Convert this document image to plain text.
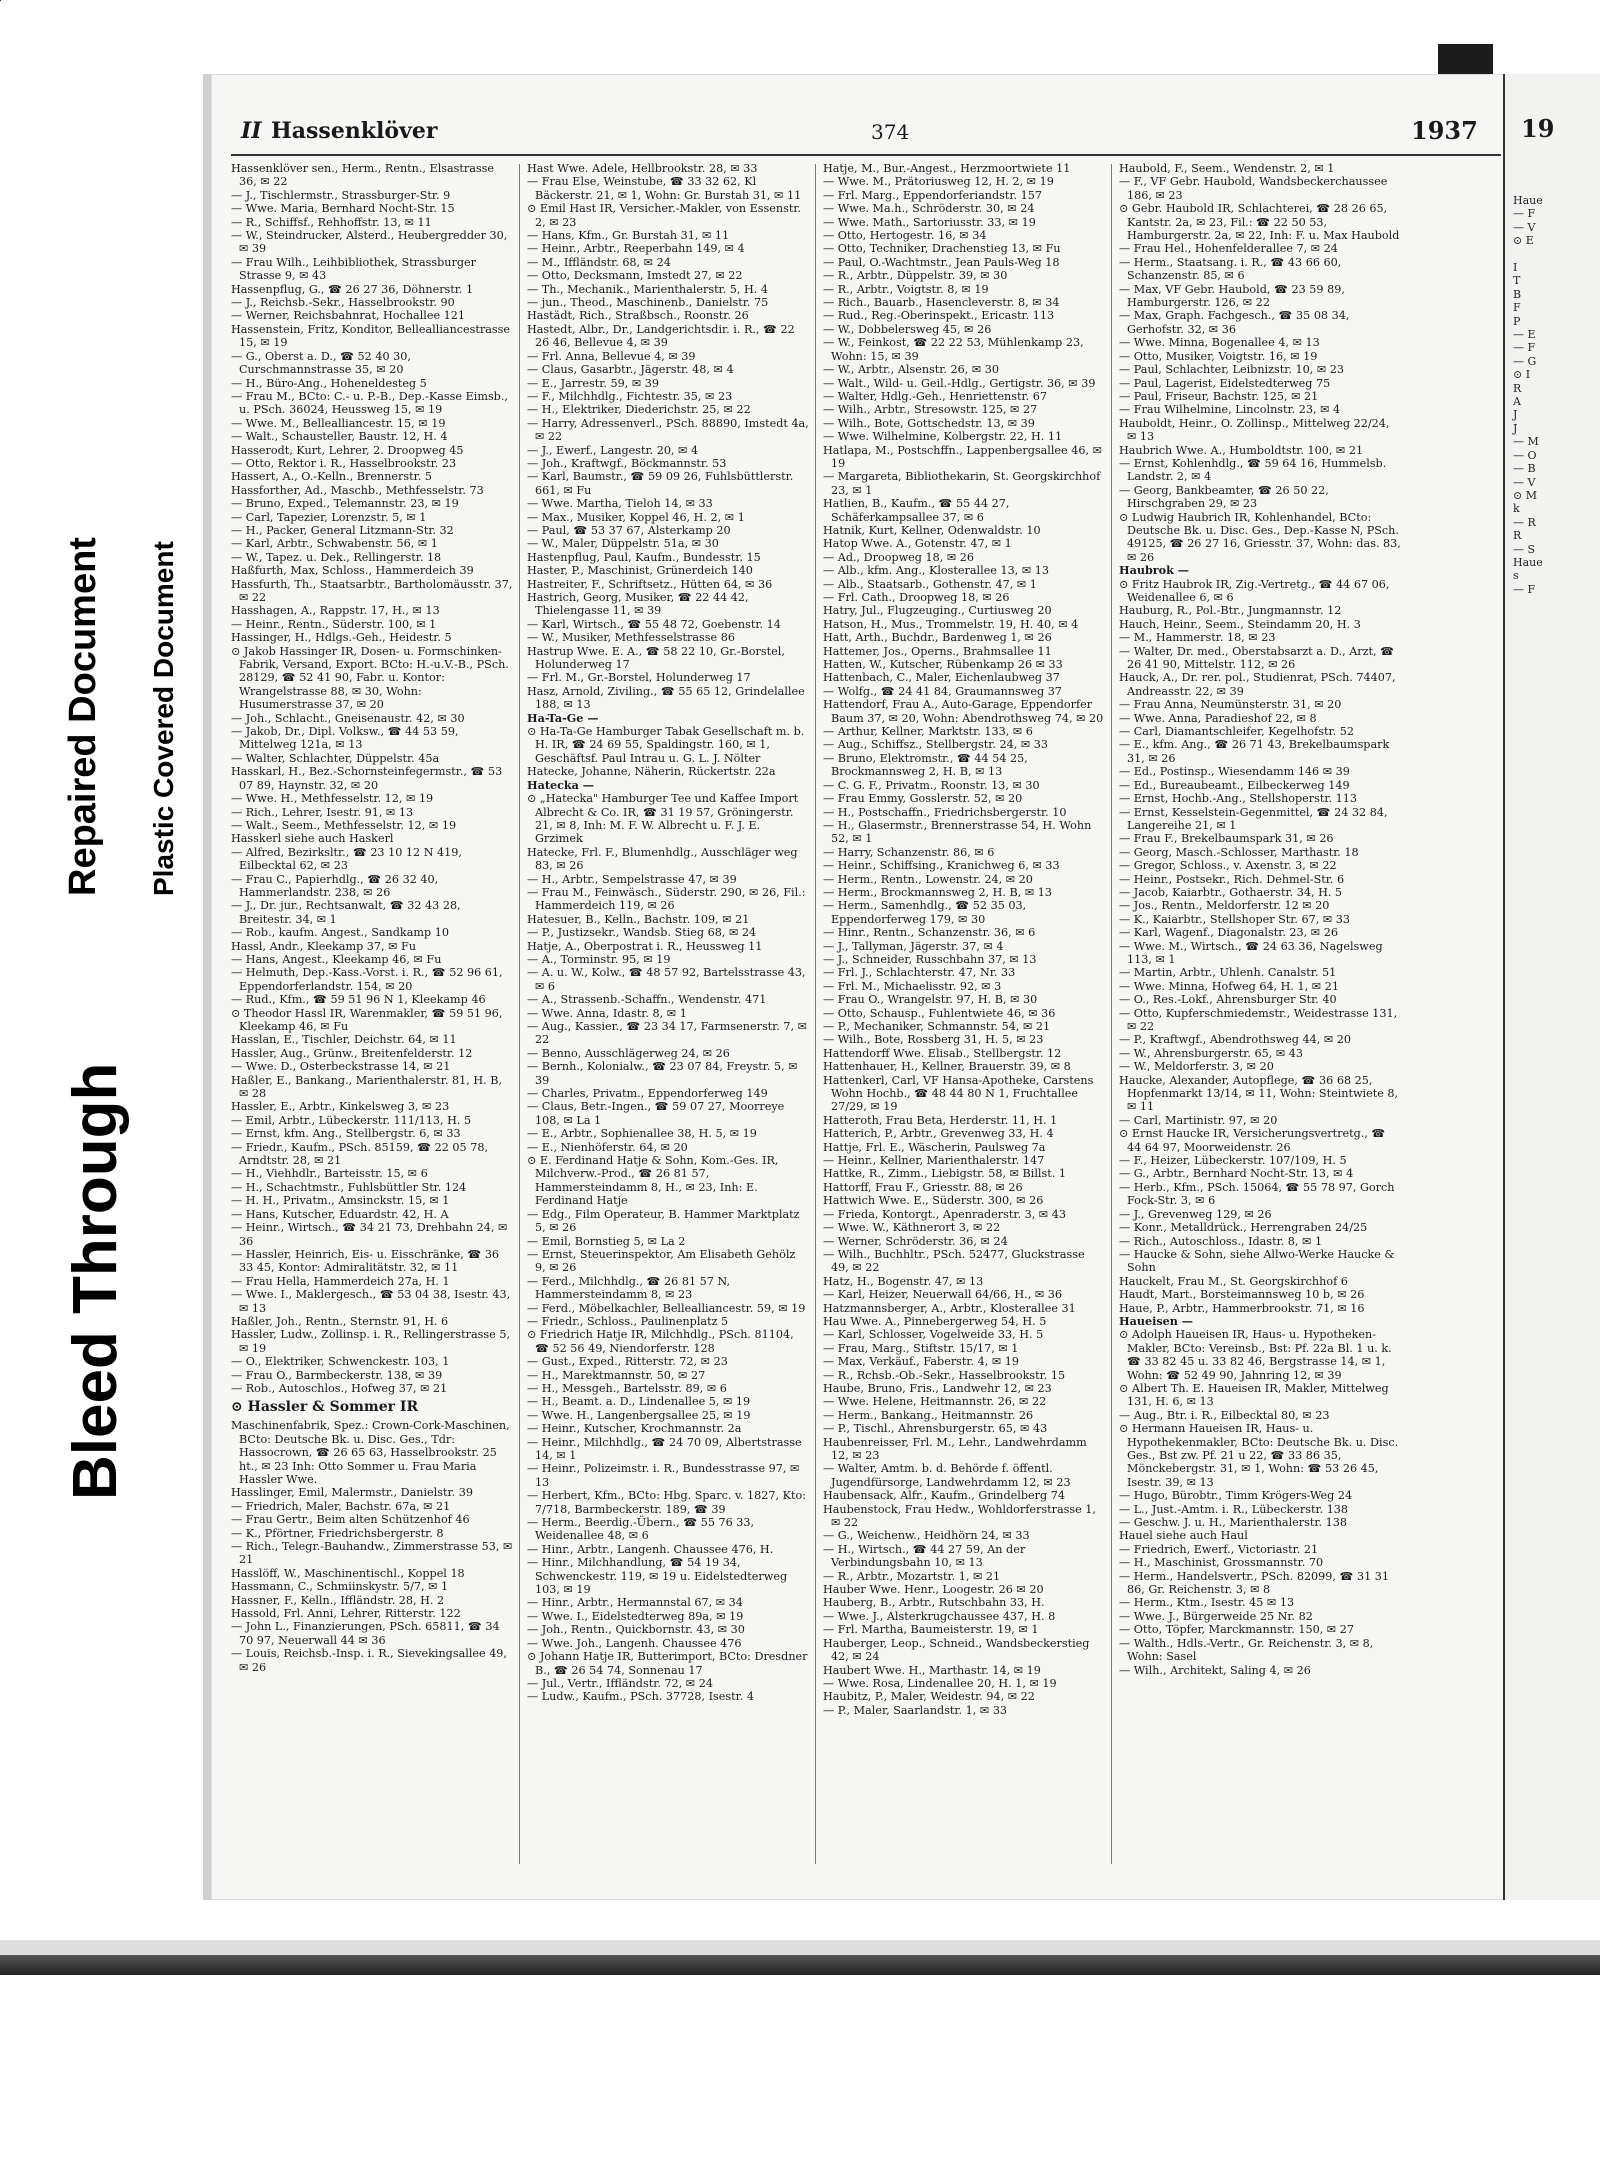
Bleed Through
Repaired Document Plastic Covered Document
II Hassenklöver	374	1937

Hassenklöver sen., Herm., Rentn., Elsastrasse 36, ✉ 22

— J., Tischlermstr., Strassburger-Str. 9

— Wwe. Maria, Bernhard Nocht-Str. 15

— R., Schiffsf., Rehhoffstr. 13, ✉ 11

— W., Steindrucker, Alsterd., Heubergredder 30, ✉ 39

— Frau Wilh., Leihbibliothek, Strassburger Strasse 9, ✉ 43

Hassenpflug, G., ☎ 26 27 36, Döhnerstr. 1

— J., Reichsb.-Sekr., Hasselbrookstr. 90

— Werner, Reichsbahnrat, Hochallee 121

Hassenstein, Fritz, Konditor, Bellealliancestrasse 15, ✉ 19

— G., Oberst a. D., ☎ 52 40 30, Curschmannstrasse 35, ✉ 20

— H., Büro-Ang., Hoheneldesteg 5

— Frau M., BCto: C.- u. P.-B., Dep.-Kasse Eimsb., u. PSch. 36024, Heussweg 15, ✉ 19

— Wwe. M., Bellealliancestr. 15, ✉ 19

— Walt., Schausteller, Baustr. 12, H. 4

Hasserodt, Kurt, Lehrer, 2. Droopweg 45

— Otto, Rektor i. R., Hasselbrookstr. 23

Hassert, A., O.-Kelln., Brennerstr. 5

Hassforther, Ad., Maschb., Methfesselstr. 73

— Bruno, Exped., Telemannstr. 23, ✉ 19

— Carl, Tapezier, Lorenzstr. 5, ✉ 1

— H., Packer, General Litzmann-Str. 32

— Karl, Arbtr., Schwabenstr. 56, ✉ 1

— W., Tapez. u. Dek., Rellingerstr. 18

Haßfurth, Max, Schloss., Hammerdeich 39

Hassfurth, Th., Staatsarbtr., Bartholomäusstr. 37, ✉ 22

Hasshagen, A., Rappstr. 17, H., ✉ 13

— Heinr., Rentn., Süderstr. 100, ✉ 1

Hassinger, H., Hdlgs.-Geh., Heidestr. 5

⊙ Jakob Hassinger IR, Dosen- u. Formschinken-Fabrik, Versand, Export. BCto: H.-u.V.-B., PSch. 28129, ☎ 52 41 90, Fabr. u. Kontor: Wrangelstrasse 88, ✉ 30, Wohn: Husumerstrasse 37, ✉ 20

— Joh., Schlacht., Gneisenaustr. 42, ✉ 30

— Jakob, Dr., Dipl. Volksw., ☎ 44 53 59, Mittelweg 121a, ✉ 13

— Walter, Schlachter, Düppelstr. 45a

Hasskarl, H., Bez.-Schornsteinfegermstr., ☎ 53 07 89, Haynstr. 32, ✉ 20

— Wwe. H., Methfesselstr. 12, ✉ 19

— Rich., Lehrer, Isestr. 91, ✉ 13

— Walt., Seem., Methfesselstr. 12, ✉ 19

Hasskerl siehe auch Haskerl

— Alfred, Bezirksltr., ☎ 23 10 12 N 419, Eilbecktal 62, ✉ 23

— Frau C., Papierhdlg., ☎ 26 32 40, Hammerlandstr. 238, ✉ 26

— J., Dr. jur., Rechtsanwalt, ☎ 32 43 28, Breitestr. 34, ✉ 1

— Rob., kaufm. Angest., Sandkamp 10

Hassl, Andr., Kleekamp 37, ✉ Fu

— Hans, Angest., Kleekamp 46, ✉ Fu

— Helmuth, Dep.-Kass.-Vorst. i. R., ☎ 52 96 61, Eppendorferlandstr. 154, ✉ 20

— Rud., Kfm., ☎ 59 51 96 N 1, Kleekamp 46

⊙ Theodor Hassl IR, Warenmakler, ☎ 59 51 96, Kleekamp 46, ✉ Fu

Hasslan, E., Tischler, Deichstr. 64, ✉ 11

Hassler, Aug., Grünw., Breitenfelderstr. 12

— Wwe. D., Osterbeckstrasse 14, ✉ 21

Haßler, E., Bankang., Marienthalerstr. 81, H. B, ✉ 28

Hassler, E., Arbtr., Kinkelsweg 3, ✉ 23

— Emil, Arbtr., Lübeckerstr. 111/113, H. 5

— Ernst, kfm. Ang., Stellbergstr. 6, ✉ 33

— Friedr., Kaufm., PSch. 85159, ☎ 22 05 78, Arndtstr. 28, ✉ 21

— H., Viehhdlr., Barteisstr. 15, ✉ 6

— H., Schachtmstr., Fuhlsbüttler Str. 124

— H. H., Privatm., Amsinckstr. 15, ✉ 1

— Hans, Kutscher, Eduardstr. 42, H. A

— Heinr., Wirtsch., ☎ 34 21 73, Drehbahn 24, ✉ 36

— Hassler, Heinrich, Eis- u. Eisschränke, ☎ 36 33 45, Kontor: Admiralitätstr. 32, ✉ 11

— Frau Hella, Hammerdeich 27a, H. 1

— Wwe. I., Maklergesch., ☎ 53 04 38, Isestr. 43, ✉ 13

Haßler, Joh., Rentn., Sternstr. 91, H. 6

Hassler, Ludw., Zollinsp. i. R., Rellingerstrasse 5, ✉ 19

— O., Elektriker, Schwenckestr. 103, 1

— Frau O., Barmbeckerstr. 138, ✉ 39

— Rob., Autoschlos., Hofweg 37, ✉ 21

⊙ Hassler & Sommer IR

Maschinenfabrik, Spez.: Crown-Cork-Maschinen, BCto: Deutsche Bk. u. Disc. Ges., Tdr: Hassocrown, ☎ 26 65 63, Hasselbrookstr. 25 ht., ✉ 23 Inh: Otto Sommer u. Frau Maria Hassler Wwe.

Hasslinger, Emil, Malermstr., Danielstr. 39

— Friedrich, Maler, Bachstr. 67a, ✉ 21

— Frau Gertr., Beim alten Schützenhof 46

— K., Pförtner, Friedrichsbergerstr. 8

— Rich., Telegr.-Bauhandw., Zimmerstrasse 53, ✉ 21

Hasslöff, W., Maschinentischl., Koppel 18

Hassmann, C., Schmiinskystr. 5/7, ✉ 1

Hassner, F., Kelln., Iffländstr. 28, H. 2

Hassold, Frl. Anni, Lehrer, Ritterstr. 122

— John L., Finanzierungen, PSch. 65811, ☎ 34 70 97, Neuerwall 44 ✉ 36

— Louis, Reichsb.-Insp. i. R., Sievekingsallee 49, ✉ 26

Hast Wwe. Adele, Hellbrookstr. 28, ✉ 33

— Frau Else, Weinstube, ☎ 33 32 62, Kl Bäckerstr. 21, ✉ 1, Wohn: Gr. Burstah 31, ✉ 11

⊙ Emil Hast IR, Versicher.-Makler, von Essenstr. 2, ✉ 23

— Hans, Kfm., Gr. Burstah 31, ✉ 11

— Heinr., Arbtr., Reeperbahn 149, ✉ 4

— M., Iffländstr. 68, ✉ 24

— Otto, Decksmann, Imstedt 27, ✉ 22

— Th., Mechanik., Marienthalerstr. 5, H. 4

— jun., Theod., Maschinenb., Danielstr. 75

Hastädt, Rich., Straßbsch., Roonstr. 26

Hastedt, Albr., Dr., Landgerichtsdir. i. R., ☎ 22 26 46, Bellevue 4, ✉ 39

— Frl. Anna, Bellevue 4, ✉ 39

— Claus, Gasarbtr., Jägerstr. 48, ✉ 4

— E., Jarrestr. 59, ✉ 39

— F., Milchhdlg., Fichtestr. 35, ✉ 23

— H., Elektriker, Diederichstr. 25, ✉ 22

— Harry, Adressenverl., PSch. 88890, Imstedt 4a, ✉ 22

— J., Ewerf., Langestr. 20, ✉ 4

— Joh., Kraftwgf., Böckmannstr. 53

— Karl, Baumstr., ☎ 59 09 26, Fuhlsbüttlerstr. 661, ✉ Fu

— Wwe. Martha, Tieloh 14, ✉ 33

— Max., Musiker, Koppel 46, H. 2, ✉ 1

— Paul, ☎ 53 37 67, Alsterkamp 20

— W., Maler, Düppelstr. 51a, ✉ 30

Hastenpflug, Paul, Kaufm., Bundesstr. 15

Haster, P., Maschinist, Grünerdeich 140

Hastreiter, F., Schriftsetz., Hütten 64, ✉ 36

Hastrich, Georg, Musiker, ☎ 22 44 42, Thielengasse 11, ✉ 39

— Karl, Wirtsch., ☎ 55 48 72, Goebenstr. 14

— W., Musiker, Methfesselstrasse 86

Hastrup Wwe. E. A., ☎ 58 22 10, Gr.-Borstel, Holunderweg 17

— Frl. M., Gr.-Borstel, Holunderweg 17

Hasz, Arnold, Ziviling., ☎ 55 65 12, Grindelallee 188, ✉ 13

Ha-Ta-Ge —

⊙ Ha-Ta-Ge Hamburger Tabak Gesellschaft m. b. H. IR, ☎ 24 69 55, Spaldingstr. 160, ✉ 1, Geschäftsf. Paul Intrau u. G. L. J. Nölter

Hatecke, Johanne, Näherin, Rückertstr. 22a

Hatecka —

⊙ „Hatecka" Hamburger Tee und Kaffee Import Albrecht & Co. IR, ☎ 31 19 57, Gröningerstr. 21, ✉ 8, Inh: M. F. W. Albrecht u. F. J. E. Grzimek

Hatecke, Frl. F., Blumenhdlg., Ausschläger weg 83, ✉ 26

— H., Arbtr., Sempelstrasse 47, ✉ 39

— Frau M., Feinwäsch., Süderstr. 290, ✉ 26, Fil.: Hammerdeich 119, ✉ 26

Hatesuer, B., Kelln., Bachstr. 109, ✉ 21

— P., Justizsekr., Wandsb. Stieg 68, ✉ 24

Hatje, A., Oberpostrat i. R., Heussweg 11

— A., Torminstr. 95, ✉ 19

— A. u. W., Kolw., ☎ 48 57 92, Bartelsstrasse 43, ✉ 6

— A., Strassenb.-Schaffn., Wendenstr. 471

— Wwe. Anna, Idastr. 8, ✉ 1

— Aug., Kassier., ☎ 23 34 17, Farmsenerstr. 7, ✉ 22

— Benno, Ausschlägerweg 24, ✉ 26

— Bernh., Kolonialw., ☎ 23 07 84, Freystr. 5, ✉ 39

— Charles, Privatm., Eppendorferweg 149

— Claus, Betr.-Ingen., ☎ 59 07 27, Moorreye 108, ✉ La 1

— E., Arbtr., Sophienallee 38, H. 5, ✉ 19

— E., Nienhöferstr. 64, ✉ 20

⊙ E. Ferdinand Hatje & Sohn, Kom.-Ges. IR, Milchverw.-Prod., ☎ 26 81 57, Hammersteindamm 8, H., ✉ 23, Inh: E. Ferdinand Hatje

— Edg., Film Operateur, B. Hammer Marktplatz 5, ✉ 26

— Emil, Bornstieg 5, ✉ La 2

— Ernst, Steuerinspektor, Am Elisabeth Gehölz 9, ✉ 26

— Ferd., Milchhdlg., ☎ 26 81 57 N, Hammersteindamm 8, ✉ 23

— Ferd., Möbelkachler, Bellealliancestr. 59, ✉ 19

— Friedr., Schloss., Paulinenplatz 5

⊙ Friedrich Hatje IR, Milchhdlg., PSch. 81104, ☎ 52 56 49, Niendorferstr. 128

— Gust., Exped., Ritterstr. 72, ✉ 23

— H., Marektmannstr. 50, ✉ 27

— H., Messgeh., Bartelsstr. 89, ✉ 6

— H., Beamt. a. D., Lindenallee 5, ✉ 19

— Wwe. H., Langenbergsallee 25, ✉ 19

— Heinr., Kutscher, Krochmannstr. 2a

— Heinr., Milchhdlg., ☎ 24 70 09, Albertstrasse 14, ✉ 1

— Heinr., Polizeimstr. i. R., Bundesstrasse 97, ✉ 13

— Herbert, Kfm., BCto: Hbg. Sparc. v. 1827, Kto: 7/718, Barmbeckerstr. 189, ☎ 39

— Herm., Beerdig.-Übern., ☎ 55 76 33, Weidenallee 48, ✉ 6

— Hinr., Arbtr., Langenh. Chaussee 476, H.

— Hinr., Milchhandlung, ☎ 54 19 34, Schwenckestr. 119, ✉ 19 u. Eidelstedterweg 103, ✉ 19

— Hinr., Arbtr., Hermannstal 67, ✉ 34

— Wwe. I., Eidelstedterweg 89a, ✉ 19

— Joh., Rentn., Quickbornstr. 43, ✉ 30

— Wwe. Joh., Langenh. Chaussee 476

⊙ Johann Hatje IR, Butterimport, BCto: Dresdner B., ☎ 26 54 74, Sonnenau 17

— Jul., Vertr., Iffländstr. 72, ✉ 24

— Ludw., Kaufm., PSch. 37728, Isestr. 4

Hatje, M., Bur.-Angest., Herzmoortwiete 11

— Wwe. M., Prätoriusweg 12, H. 2, ✉ 19

— Frl. Marg., Eppendorferiandstr. 157

— Wwe. Ma.h., Schröderstr. 30, ✉ 24

— Wwe. Math., Sartoriusstr. 33, ✉ 19

— Otto, Hertogestr. 16, ✉ 34

— Otto, Techniker, Drachenstieg 13, ✉ Fu

— Paul, O.-Wachtmstr., Jean Pauls-Weg 18

— R., Arbtr., Düppelstr. 39, ✉ 30

— R., Arbtr., Voigtstr. 8, ✉ 19

— Rich., Bauarb., Hasencleverstr. 8, ✉ 34

— Rud., Reg.-Oberinspekt., Ericastr. 113

— W., Dobbelersweg 45, ✉ 26

— W., Feinkost, ☎ 22 22 53, Mühlenkamp 23, Wohn: 15, ✉ 39

— W., Arbtr., Alsenstr. 26, ✉ 30

— Walt., Wild- u. Geil.-Hdlg., Gertigstr. 36, ✉ 39

— Walter, Hdlg.-Geh., Henriettenstr. 67

— Wilh., Arbtr., Stresowstr. 125, ✉ 27

— Wilh., Bote, Gottschedstr. 13, ✉ 39

— Wwe. Wilhelmine, Kolbergstr. 22, H. 11

Hatlapa, M., Postschffn., Lappenbergsallee 46, ✉ 19

— Margareta, Bibliothekarin, St. Georgskirchhof 23, ✉ 1

Hatlien, B., Kaufm., ☎ 55 44 27, Schäferkampsallee 37, ✉ 6

Hatnik, Kurt, Kellner, Odenwaldstr. 10

Hatop Wwe. A., Gotenstr. 47, ✉ 1

— Ad., Droopweg 18, ✉ 26

— Alb., kfm. Ang., Klosterallee 13, ✉ 13

— Alb., Staatsarb., Gothenstr. 47, ✉ 1

— Frl. Cath., Droopweg 18, ✉ 26

Hatry, Jul., Flugzeuging., Curtiusweg 20

Hatson, H., Mus., Trommelstr. 19, H. 40, ✉ 4

Hatt, Arth., Buchdr., Bardenweg 1, ✉ 26

Hattemer, Jos., Operns., Brahmsallee 11

Hatten, W., Kutscher, Rübenkamp 26 ✉ 33

Hattenbach, C., Maler, Eichenlaubweg 37

— Wolfg., ☎ 24 41 84, Graumannsweg 37

Hattendorf, Frau A., Auto-Garage, Eppendorfer Baum 37, ✉ 20, Wohn: Abendrothsweg 74, ✉ 20

— Arthur, Kellner, Marktstr. 133, ✉ 6

— Aug., Schiffsz., Stellbergstr. 24, ✉ 33

— Bruno, Elektromstr., ☎ 44 54 25, Brockmannsweg 2, H. B, ✉ 13

— C. G. F., Privatm., Roonstr. 13, ✉ 30

— Frau Emmy, Gosslerstr. 52, ✉ 20

— H., Postschaffn., Friedrichsbergerstr. 10

— H., Glasermstr., Brennerstrasse 54, H. Wohn 52, ✉ 1

— Harry, Schanzenstr. 86, ✉ 6

— Heinr., Schiffsing., Kranichweg 6, ✉ 33

— Herm., Rentn., Lowenstr. 24, ✉ 20

— Herm., Brockmannsweg 2, H. B, ✉ 13

— Herm., Samenhdlg., ☎ 52 35 03, Eppendorferweg 179, ✉ 30

— Hinr., Rentn., Schanzenstr. 36, ✉ 6

— J., Tallyman, Jägerstr. 37, ✉ 4

— J., Schneider, Russchbahn 37, ✉ 13

— Frl. J., Schlachterstr. 47, Nr. 33

— Frl. M., Michaelisstr. 92, ✉ 3

— Frau O., Wrangelstr. 97, H. B, ✉ 30

— Otto, Schausp., Fuhlentwiete 46, ✉ 36

— P., Mechaniker, Schmannstr. 54, ✉ 21

— Wilh., Bote, Rossberg 31, H. 5, ✉ 23

Hattendorff Wwe. Elisab., Stellbergstr. 12

Hattenhauer, H., Kellner, Brauerstr. 39, ✉ 8

Hattenkerl, Carl, VF Hansa-Apotheke, Carstens Wohn Hochb., ☎ 48 44 80 N 1, Fruchtallee 27/29, ✉ 19

Hatteroth, Frau Beta, Herderstr. 11, H. 1

Hatterich, P., Arbtr., Grevenweg 33, H. 4

Hattje, Frl. E., Wäscherin, Paulsweg 7a

— Heinr., Kellner, Marienthalerstr. 147

Hattke, R., Zimm., Liebigstr. 58, ✉ Billst. 1

Hattorff, Frau F., Griesstr. 88, ✉ 26

Hattwich Wwe. E., Süderstr. 300, ✉ 26

— Frieda, Kontorgt., Apenraderstr. 3, ✉ 43

— Wwe. W., Käthnerort 3, ✉ 22

— Werner, Schröderstr. 36, ✉ 24

— Wilh., Buchhltr., PSch. 52477, Gluckstrasse 49, ✉ 22

Hatz, H., Bogenstr. 47, ✉ 13

— Karl, Heizer, Neuerwall 64/66, H., ✉ 36

Hatzmannsberger, A., Arbtr., Klosterallee 31

Hau Wwe. A., Pinnebergerweg 54, H. 5

— Karl, Schlosser, Vogelweide 33, H. 5

— Frau, Marg., Stiftstr. 15/17, ✉ 1

— Max, Verkäuf., Faberstr. 4, ✉ 19

— R., Rchsb.-Ob.-Sekr., Hasselbrookstr. 15

Haube, Bruno, Fris., Landwehr 12, ✉ 23

— Wwe. Helene, Heitmannstr. 26, ✉ 22

— Herm., Bankang., Heitmannstr. 26

— P., Tischl., Ahrensburgerstr. 65, ✉ 43

Haubenreisser, Frl. M., Lehr., Landwehrdamm 12, ✉ 23

— Walter, Amtm. b. d. Behörde f. öffentl. Jugendfürsorge, Landwehrdamm 12, ✉ 23

Haubensack, Alfr., Kaufm., Grindelberg 74

Haubenstock, Frau Hedw., Wohldorferstrasse 1, ✉ 22

— G., Weichenw., Heidhörn 24, ✉ 33

— H., Wirtsch., ☎ 44 27 59, An der Verbindungsbahn 10, ✉ 13

— R., Arbtr., Mozartstr. 1, ✉ 21

Hauber Wwe. Henr., Loogestr. 26 ✉ 20

Hauberg, B., Arbtr., Rutschbahn 33, H.

— Wwe. J., Alsterkrugchaussee 437, H. 8

— Frl. Martha, Baumeisterstr. 19, ✉ 1

Hauberger, Leop., Schneid., Wandsbeckerstieg 42, ✉ 24

Haubert Wwe. H., Marthastr. 14, ✉ 19

— Wwe. Rosa, Lindenallee 20, H. 1, ✉ 19

Haubitz, P., Maler, Weidestr. 94, ✉ 22

— P., Maler, Saarlandstr. 1, ✉ 33

Haubold, F., Seem., Wendenstr. 2, ✉ 1

— F., VF Gebr. Haubold, Wandsbeckerchaussee 186, ✉ 23

⊙ Gebr. Haubold IR, Schlachterei, ☎ 28 26 65, Kantstr. 2a, ✉ 23, Fil.: ☎ 22 50 53, Hamburgerstr. 2a, ✉ 22, Inh: F. u. Max Haubold

— Frau Hel., Hohenfelderallee 7, ✉ 24

— Herm., Staatsang. i. R., ☎ 43 66 60, Schanzenstr. 85, ✉ 6

— Max, VF Gebr. Haubold, ☎ 23 59 89, Hamburgerstr. 126, ✉ 22

— Max, Graph. Fachgesch., ☎ 35 08 34, Gerhofstr. 32, ✉ 36

— Wwe. Minna, Bogenallee 4, ✉ 13

— Otto, Musiker, Voigtstr. 16, ✉ 19

— Paul, Schlachter, Leibnizstr. 10, ✉ 23

— Paul, Lagerist, Eidelstedterweg 75

— Paul, Friseur, Bachstr. 125, ✉ 21

— Frau Wilhelmine, Lincolnstr. 23, ✉ 4

Hauboldt, Heinr., O. Zollinsp., Mittelweg 22/24, ✉ 13

Haubrich Wwe. A., Humboldtstr. 100, ✉ 21

— Ernst, Kohlenhdlg., ☎ 59 64 16, Hummelsb. Landstr. 2, ✉ 4

— Georg, Bankbeamter, ☎ 26 50 22, Hirschgraben 29, ✉ 23

⊙ Ludwig Haubrich IR, Kohlenhandel, BCto: Deutsche Bk. u. Disc. Ges., Dep.-Kasse N, PSch. 49125, ☎ 26 27 16, Griesstr. 37, Wohn: das. 83, ✉ 26

Haubrok —

⊙ Fritz Haubrok IR, Zig.-Vertretg., ☎ 44 67 06, Weidenallee 6, ✉ 6

Hauburg, R., Pol.-Btr., Jungmannstr. 12

Hauch, Heinr., Seem., Steindamm 20, H. 3

— M., Hammerstr. 18, ✉ 23

— Walter, Dr. med., Oberstabsarzt a. D., Arzt, ☎ 26 41 90, Mittelstr. 112, ✉ 26

Hauck, A., Dr. rer. pol., Studienrat, PSch. 74407, Andreasstr. 22, ✉ 39

— Frau Anna, Neumünsterstr. 31, ✉ 20

— Wwe. Anna, Paradieshof 22, ✉ 8

— Carl, Diamantschleifer, Kegelhofstr. 52

— E., kfm. Ang., ☎ 26 71 43, Brekelbaumspark 31, ✉ 26

— Ed., Postinsp., Wiesendamm 146 ✉ 39

— Ed., Bureaubeamt., Eilbeckerweg 149

— Ernst, Hochb.-Ang., Stellshoperstr. 113

— Ernst, Kesselstein-Gegenmittel, ☎ 24 32 84, Langereihe 21, ✉ 1

— Frau F., Brekelbaumspark 31, ✉ 26

— Georg, Masch.-Schlosser, Marthastr. 18

— Gregor, Schloss., v. Axenstr. 3, ✉ 22

— Heinr., Postsekr., Rich. Dehmel-Str. 6

— Jacob, Kaiarbtr., Gothaerstr. 34, H. 5

— Jos., Rentn., Meldorferstr. 12 ✉ 20

— K., Kaiarbtr., Stellshoper Str. 67, ✉ 33

— Karl, Wagenf., Diagonalstr. 23, ✉ 26

— Wwe. M., Wirtsch., ☎ 24 63 36, Nagelsweg 113, ✉ 1

— Martin, Arbtr., Uhlenh. Canalstr. 51

— Wwe. Minna, Hofweg 64, H. 1, ✉ 21

— O., Res.-Lokf., Ahrensburger Str. 40

— Otto, Kupferschmiedemstr., Weidestrasse 131, ✉ 22

— P., Kraftwgf., Abendrothsweg 44, ✉ 20

— W., Ahrensburgerstr. 65, ✉ 43

— W., Meldorferstr. 3, ✉ 20

Haucke, Alexander, Autopflege, ☎ 36 68 25, Hopfenmarkt 13/14, ✉ 11, Wohn: Steintwiete 8, ✉ 11

— Carl, Martinistr. 97, ✉ 20

⊙ Ernst Haucke IR, Versicherungsvertretg., ☎ 44 64 97, Moorweidenstr. 26

— F., Heizer, Lübeckerstr. 107/109, H. 5

— G., Arbtr., Bernhard Nocht-Str. 13, ✉ 4

— Herb., Kfm., PSch. 15064, ☎ 55 78 97, Gorch Fock-Str. 3, ✉ 6

— J., Grevenweg 129, ✉ 26

— Konr., Metalldrück., Herrengraben 24/25

— Rich., Autoschloss., Idastr. 8, ✉ 1

— Haucke & Sohn, siehe Allwo-Werke Haucke & Sohn

Hauckelt, Frau M., St. Georgskirchhof 6

Haudt, Mart., Borsteimannsweg 10 b, ✉ 26

Haue, P., Arbtr., Hammerbrookstr. 71, ✉ 16

Haueisen —

⊙ Adolph Haueisen IR, Haus- u. Hypotheken-Makler, BCto: Vereinsb., Bst: Pf. 22a Bl. 1 u. k. ☎ 33 82 45 u. 33 82 46, Bergstrasse 14, ✉ 1, Wohn: ☎ 52 49 90, Jahnring 12, ✉ 39

⊙ Albert Th. E. Haueisen IR, Makler, Mittelweg 131, H. 6, ✉ 13

— Aug., Btr. i. R., Eilbecktal 80, ✉ 23

⊙ Hermann Haueisen IR, Haus- u. Hypothekenmakler, BCto: Deutsche Bk. u. Disc. Ges., Bst zw. Pf. 21 u 22, ☎ 33 86 35, Mönckebergstr. 31, ✉ 1, Wohn: ☎ 53 26 45, Isestr. 39, ✉ 13

— Hugo, Bürobtr., Timm Krögers-Weg 24

— L., Just.-Amtm. i. R., Lübeckerstr. 138

— Geschw. J. u. H., Marienthalerstr. 138

Hauel siehe auch Haul

— Friedrich, Ewerf., Victoriastr. 21

— H., Maschinist, Grossmannstr. 70

— Herm., Handelsvertr., PSch. 82099, ☎ 31 31 86, Gr. Reichenstr. 3, ✉ 8

— Herm., Ktm., Isestr. 45 ✉ 13

— Wwe. J., Bürgerweide 25 Nr. 82

— Otto, Töpfer, Marckmannstr. 150, ✉ 27

— Walth., Hdls.-Vertr., Gr. Reichenstr. 3, ✉ 8, Wohn: Sasel

— Wilh., Architekt, Saling 4, ✉ 26

19

Haue

— F

— V

⊙ E

I

T

B

F

P

— E

— F

— G

⊙ I

R

A

J

J

— M

— O

— B

— V

⊙ M

k

— R

R

— S

Haue

s

— F
